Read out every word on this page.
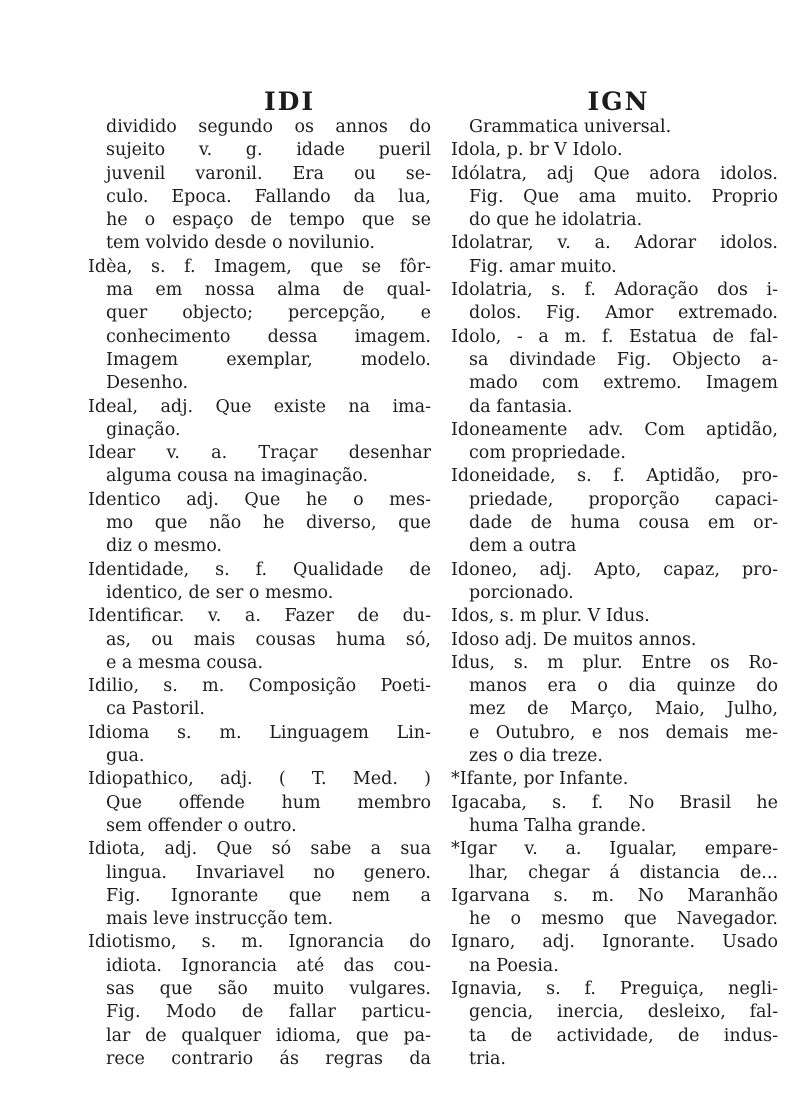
IDI
dividido segundo os annos do
sujeito v. g. idade pueril
juvenil varonil. Era ou se-
culo. Epoca. Fallando da lua,
he o espaço de tempo que se
tem volvido desde o novilunio.
Idèa, s. f. Imagem, que se fôr-
ma em nossa alma de qual-
quer objecto; percepção, e
conhecimento dessa imagem.
Imagem exemplar, modelo.
Desenho.
Ideal, adj. Que existe na ima-
ginação.
Idear v. a. Traçar desenhar
alguma cousa na imaginação.
Identico adj. Que he o mes-
mo que não he diverso, que
diz o mesmo.
Identidade, s. f. Qualidade de
identico, de ser o mesmo.
Identificar. v. a. Fazer de du-
as, ou mais cousas huma só,
e a mesma cousa.
Idilio, s. m. Composição Poeti-
ca Pastoril.
Idioma s. m. Linguagem Lin-
gua.
Idiopathico, adj. ( T. Med. )
Que offende hum membro
sem offender o outro.
Idiota, adj. Que só sabe a sua
lingua. Invariavel no genero.
Fig. Ignorante que nem a
mais leve instrucção tem.
Idiotismo, s. m. Ignorancia do
idiota. Ignorancia até das cou-
sas que são muito vulgares.
Fig. Modo de fallar particu-
lar de qualquer idioma, que pa-
rece contrario ás regras da
IGN
Grammatica universal.
Idola, p. br V Idolo.
Idólatra, adj Que adora idolos.
Fig. Que ama muito. Proprio
do que he idolatria.
Idolatrar, v. a. Adorar idolos.
Fig. amar muito.
Idolatria, s. f. Adoração dos i-
dolos. Fig. Amor extremado.
Idolo, - a m. f. Estatua de fal-
sa divindade Fig. Objecto a-
mado com extremo. Imagem
da fantasia.
Idoneamente adv. Com aptidão,
com propriedade.
Idoneidade, s. f. Aptidão, pro-
priedade, proporção capaci-
dade de huma cousa em or-
dem a outra
Idoneo, adj. Apto, capaz, pro-
porcionado.
Idos, s. m plur. V Idus.
Idoso adj. De muitos annos.
Idus, s. m plur. Entre os Ro-
manos era o dia quinze do
mez de Março, Maio, Julho,
e Outubro, e nos demais me-
zes o dia treze.
*Ifante, por Infante.
Igacaba, s. f. No Brasil he
huma Talha grande.
*Igar v. a. Igualar, empare-
lhar, chegar á distancia de...
Igarvana s. m. No Maranhão
he o mesmo que Navegador.
Ignaro, adj. Ignorante. Usado
na Poesia.
Ignavia, s. f. Preguiça, negli-
gencia, inercia, desleixo, fal-
ta de actividade, de indus-
tria.
